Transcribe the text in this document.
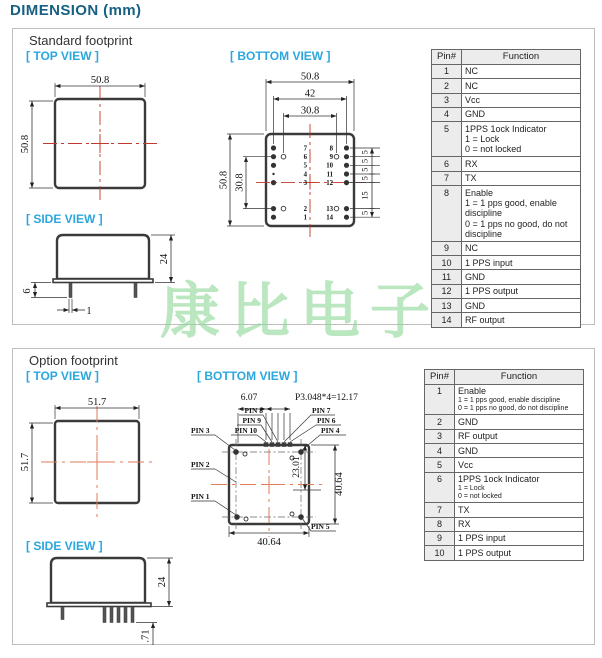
DIMENSION (mm)
Standard footprint
[ TOP VIEW ]	[ BOTTOM VIEW ]
[ SIDE VIEW ]
50.8
50.8
24
6
1
7
6
5
4
3
2
1
8
9
10
11
12
13
14
50.8
42
30.8
50.8 30.8
5
5
5
5
15
5
Pin#	Function
1	NC
2	NC
3	Vcc
4	GND
5	1PPS 1ock Indicator
1 = Lock
0 = not locked

6	RX
7	TX
8	Enable
1 = 1 pps good, enable discipline
0 = 1 pps no good, do not discipline

9	NC
10	1 PPS input
11	GND
12	1 PPS output
13	GND
14	RF output
Option footprint
[ TOP VIEW ]	[ BOTTOM VIEW ]
[ SIDE VIEW ]
51.7
51.7
24
.71
6.07	P3.048*4=12.17
PIN 8
PIN 9
PIN 10
PIN 7
PIN 6
PIN 4
PIN 3
PIN 2
PIN 1
PIN 5
23.01
40.64
40.64
Pin#	Function
1	Enable
1 = 1 pps good, enable discipline
0 = 1 pps no good, do not discipline

2	GND
3	RF output
4	GND
5	Vcc
6	1PPS 1ock Indicator
1 = Lock
0 = not locked

7	TX
8	RX
9	1 PPS input
10	1 PPS output
康比电子
